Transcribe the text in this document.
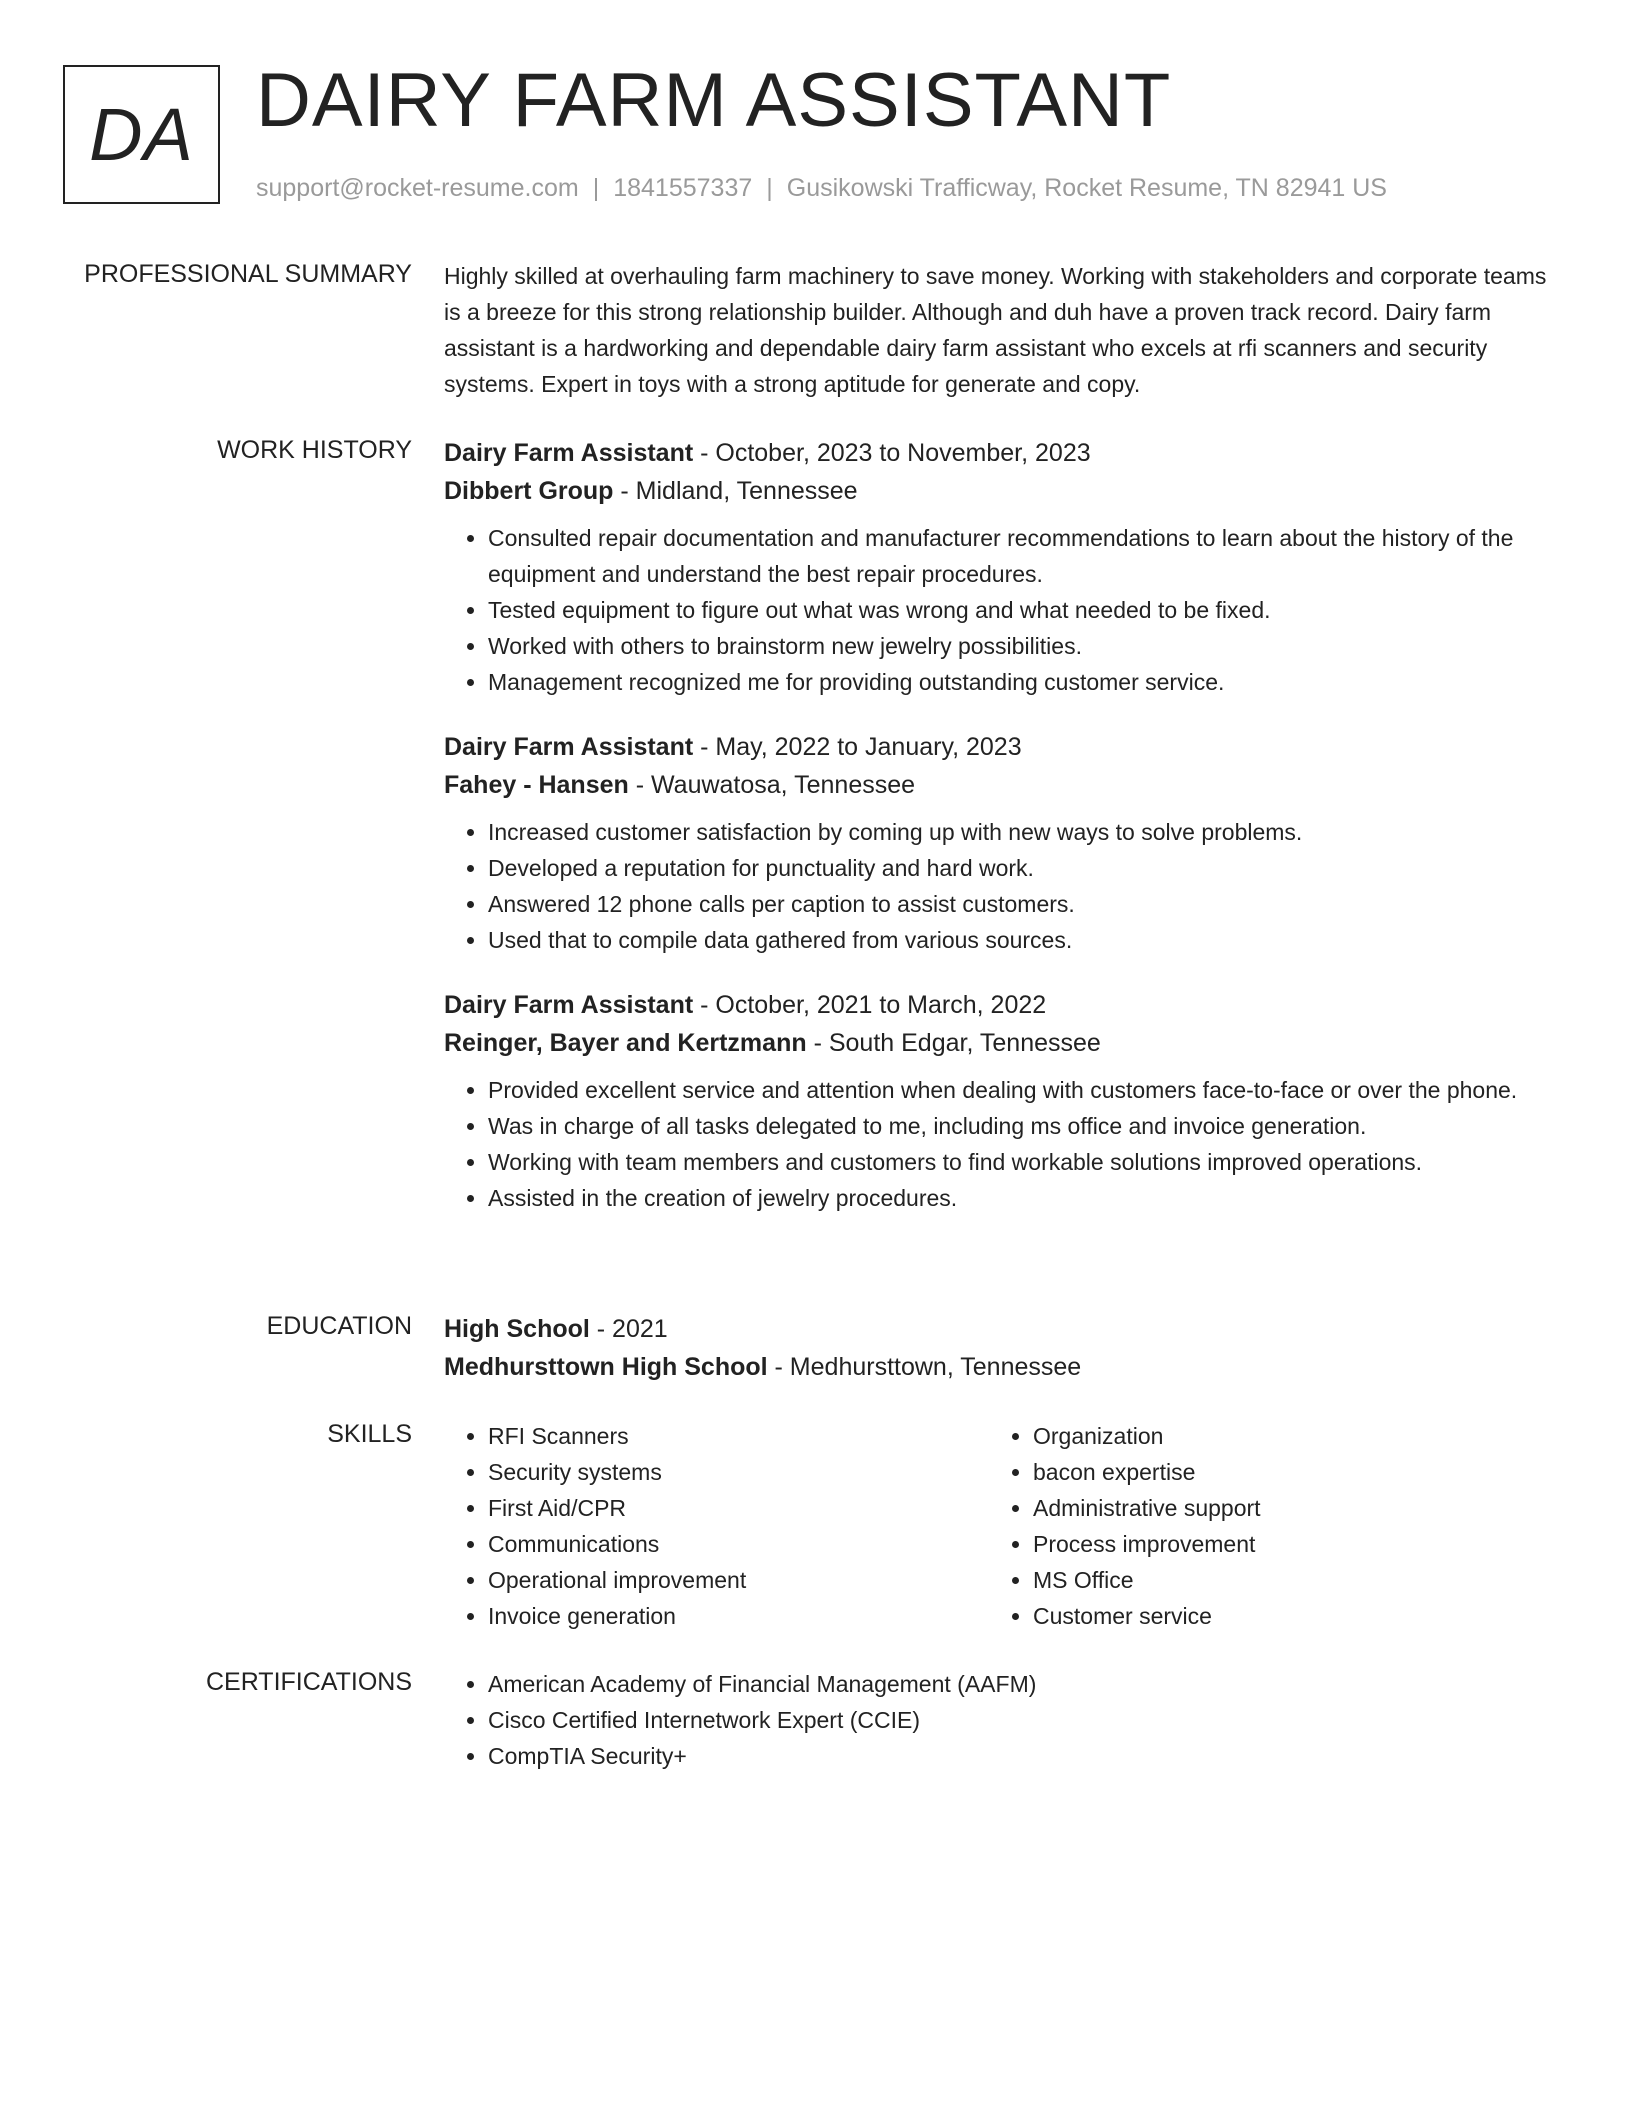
DA DAIRY FARM ASSISTANT
support@rocket-resume.com | 1841557337 | Gusikowski Trafficway, Rocket Resume, TN 82941 US
PROFESSIONAL SUMMARY Highly skilled at overhauling farm machinery to save money. Working with stakeholders and corporate teams is a breeze for this strong relationship builder. Although and duh have a proven track record. Dairy farm assistant is a hardworking and dependable dairy farm assistant who excels at rfi scanners and security systems. Expert in toys with a strong aptitude for generate and copy.

WORK HISTORY Dairy Farm Assistant - October, 2023 to November, 2023
Dibbert Group - Midland, Tennessee
• Consulted repair documentation and manufacturer recommendations to learn about the history of the equipment and understand the best repair procedures.
• Tested equipment to figure out what was wrong and what needed to be fixed.
• Worked with others to brainstorm new jewelry possibilities.
• Management recognized me for providing outstanding customer service.
Dairy Farm Assistant - May, 2022 to January, 2023
Fahey - Hansen - Wauwatosa, Tennessee
• Increased customer satisfaction by coming up with new ways to solve problems.
• Developed a reputation for punctuality and hard work.
• Answered 12 phone calls per caption to assist customers.
• Used that to compile data gathered from various sources.
Dairy Farm Assistant - October, 2021 to March, 2022
Reinger, Bayer and Kertzmann - South Edgar, Tennessee
• Provided excellent service and attention when dealing with customers face-to-face or over the phone.
• Was in charge of all tasks delegated to me, including ms office and invoice generation.
• Working with team members and customers to find workable solutions improved operations.
• Assisted in the creation of jewelry procedures.
EDUCATION High School - 2021
Medhursttown High School - Medhursttown, Tennessee
SKILLS	• RFI Scanners
• Security systems
• First Aid/CPR
• Communications
• Operational improvement
• Invoice generation
• Organization
• bacon expertise
• Administrative support
• Process improvement
• MS Office
• Customer service
CERTIFICATIONS	• American Academy of Financial Management (AAFM)
• Cisco Certified Internetwork Expert (CCIE)
• CompTIA Security+
